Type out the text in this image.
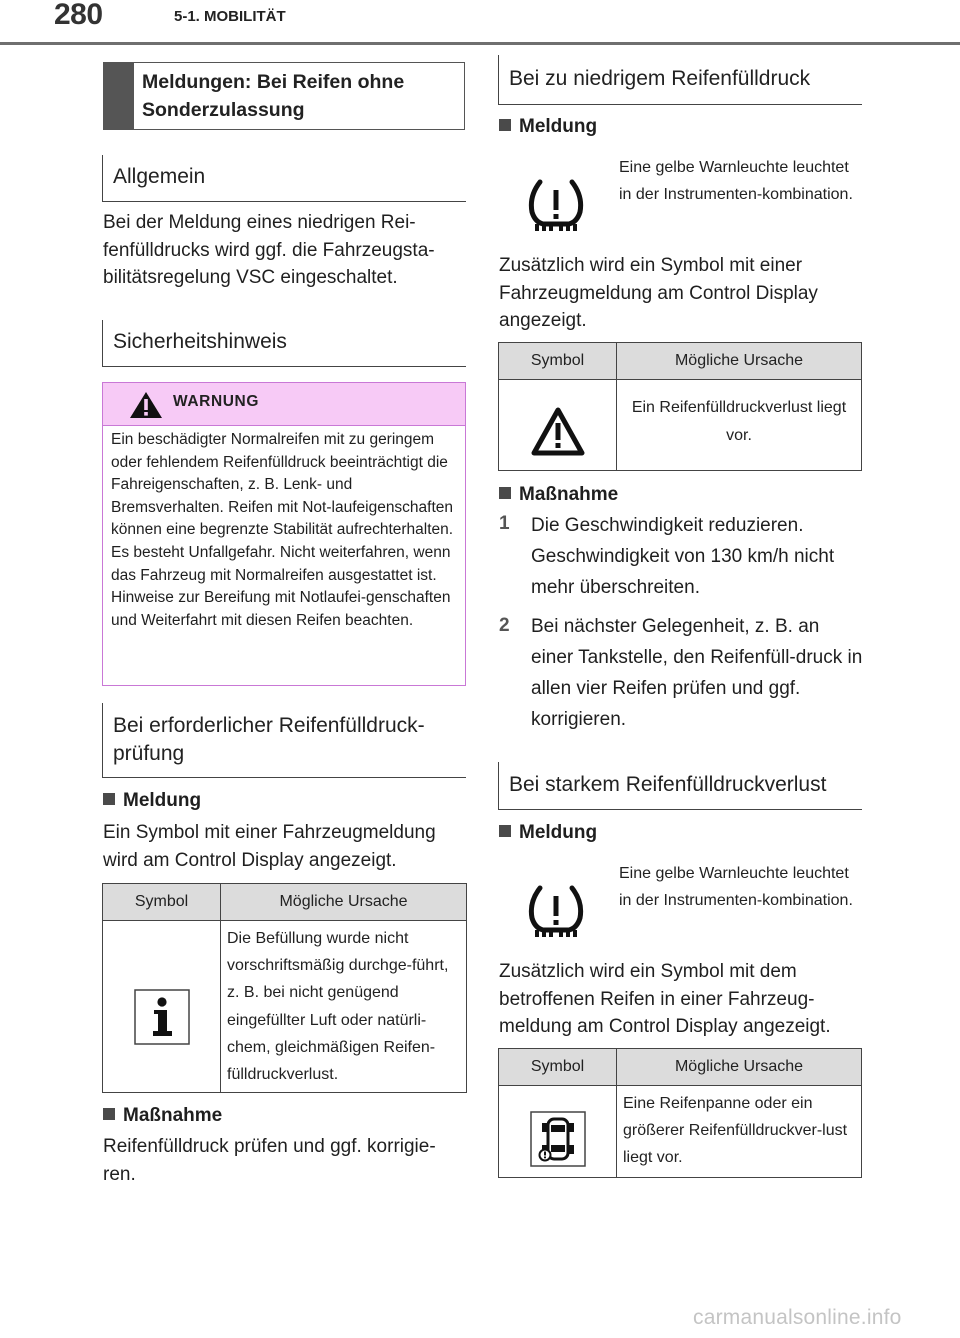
280	5-1. MOBILITÄT
Meldungen: Bei Reifen ohne Sonderzulassung
Allgemein
Bei der Meldung eines niedrigen Rei-fenfülldrucks wird ggf. die Fahrzeugsta-bilitätsregelung VSC eingeschaltet.
Sicherheitshinweis
WARNUNG
Ein beschädigter Normalreifen mit zu geringem oder fehlendem Reifenfülldruck beeinträchtigt die Fahreigenschaften, z. B. Lenk- und Bremsverhalten. Reifen mit Not-laufeigenschaften können eine begrenzte Stabilität aufrechterhalten. Es besteht Unfallgefahr. Nicht weiterfahren, wenn das Fahrzeug mit Normalreifen ausgestattet ist. Hinweise zur Bereifung mit Notlaufei-genschaften und Weiterfahrt mit diesen Reifen beachten.
Bei erforderlicher Reifenfülldruck-prüfung
Meldung
Ein Symbol mit einer Fahrzeugmeldung wird am Control Display angezeigt.
Symbol	Mögliche Ursache

	Die Befüllung wurde nicht vorschriftsmäßig durchge-führt, z. B. bei nicht genügend eingefüllter Luft oder natürli-chem, gleichmäßigen Reifen-fülldruckverlust.
Maßnahme
Reifenfülldruck prüfen und ggf. korrigie-ren.
Bei zu niedrigem Reifenfülldruck
Meldung
Eine gelbe Warnleuchte leuchtet in der Instrumenten-kombination.
Zusätzlich wird ein Symbol mit einer Fahrzeugmeldung am Control Display angezeigt.
Symbol	Mögliche Ursache

	Ein Reifenfülldruckverlust liegt vor.
Maßnahme
1 Die Geschwindigkeit reduzieren. Geschwindigkeit von 130 km/h nicht mehr überschreiten.
2 Bei nächster Gelegenheit, z. B. an einer Tankstelle, den Reifenfüll-druck in allen vier Reifen prüfen und ggf. korrigieren.
Bei starkem Reifenfülldruckverlust
Meldung
Eine gelbe Warnleuchte leuchtet in der Instrumenten-kombination.
Zusätzlich wird ein Symbol mit dem betroffenen Reifen in einer Fahrzeug-meldung am Control Display angezeigt.
Symbol	Mögliche Ursache

	Eine Reifenpanne oder ein größerer Reifenfülldruckver-lust liegt vor.
carmanualsonline.info
